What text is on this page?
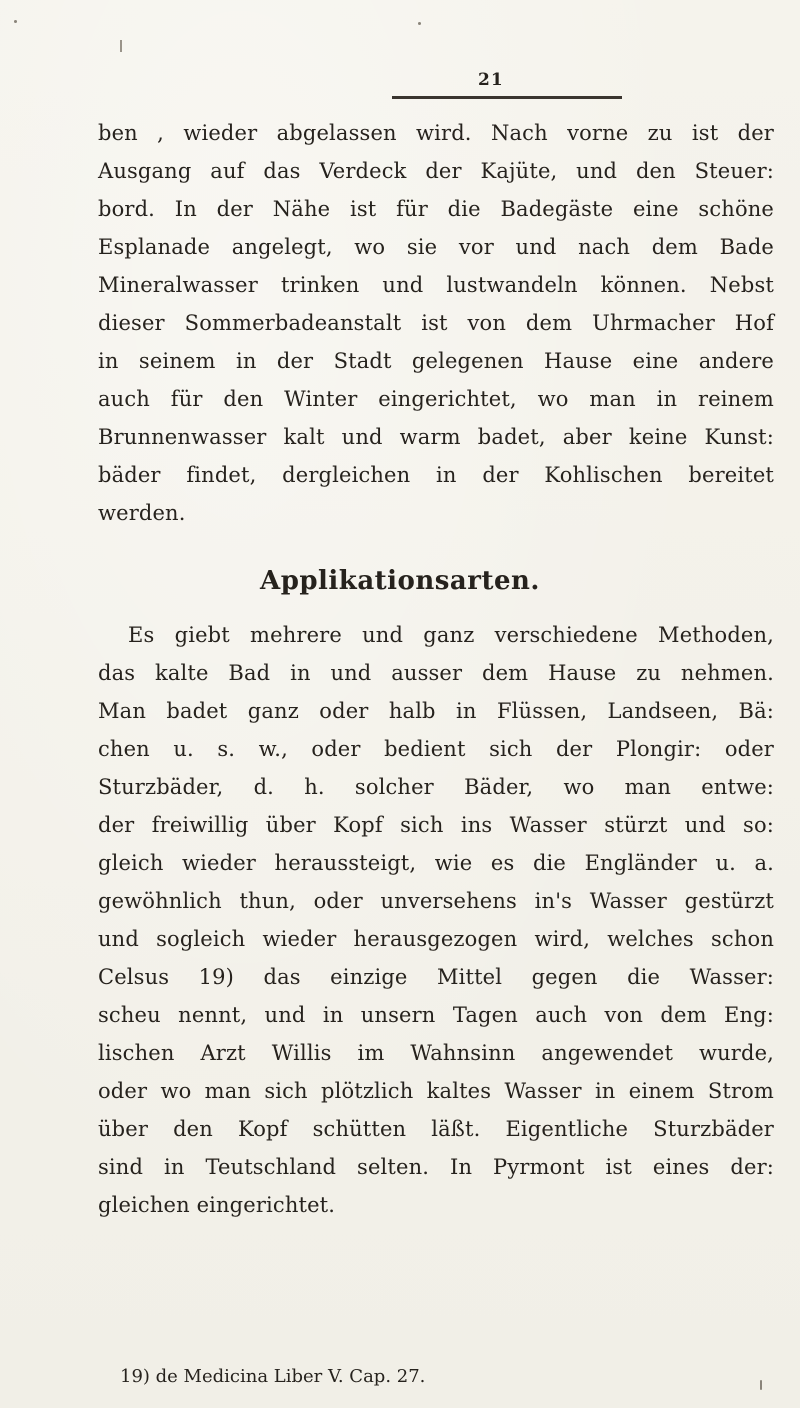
21
ben , wieder abgelassen wird. Nach vorne zu ist der
Ausgang auf das Verdeck der Kajüte, und den Steuer:
bord. In der Nähe ist für die Badegäste eine schöne
Esplanade angelegt, wo sie vor und nach dem Bade
Mineralwasser trinken und lustwandeln können. Nebst
dieser Sommerbadeanstalt ist von dem Uhrmacher Hof
in seinem in der Stadt gelegenen Hause eine andere
auch für den Winter eingerichtet, wo man in reinem
Brunnenwasser kalt und warm badet, aber keine Kunst:
bäder findet, dergleichen in der Kohlischen bereitet
werden.
Applikationsarten.
Es giebt mehrere und ganz verschiedene Methoden,
das kalte Bad in und ausser dem Hause zu nehmen.
Man badet ganz oder halb in Flüssen, Landseen, Bä:
chen u. s. w., oder bedient sich der Plongir: oder
Sturzbäder, d. h. solcher Bäder, wo man entwe:
der freiwillig über Kopf sich ins Wasser stürzt und so:
gleich wieder heraussteigt, wie es die Engländer u. a.
gewöhnlich thun, oder unversehens in's Wasser gestürzt
und sogleich wieder herausgezogen wird, welches schon
Celsus 19) das einzige Mittel gegen die Wasser:
scheu nennt, und in unsern Tagen auch von dem Eng:
lischen Arzt Willis im Wahnsinn angewendet wurde,
oder wo man sich plötzlich kaltes Wasser in einem Strom
über den Kopf schütten läßt. Eigentliche Sturzbäder
sind in Teutschland selten. In Pyrmont ist eines der:
gleichen eingerichtet.
19) de Medicina Liber V. Cap. 27.
